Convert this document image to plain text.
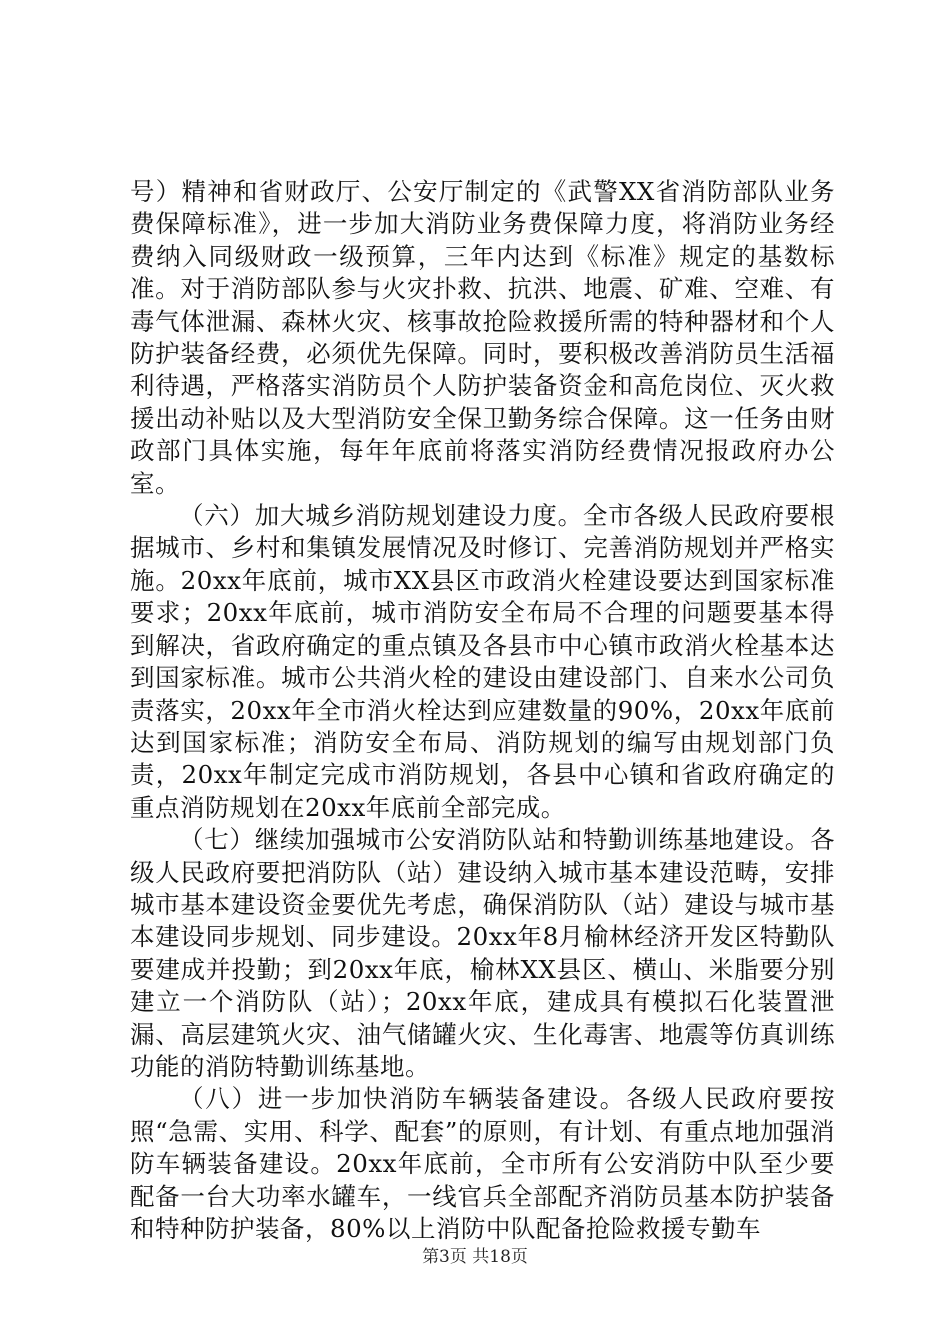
号）精神和省财政厅、公安厅制定的《武警XX省消防部队业务费保障标准》，进一步加大消防业务费保障力度，将消防业务经费纳入同级财政一级预算，三年内达到《标准》规定的基数标准。对于消防部队参与火灾扑救、抗洪、地震、矿难、空难、有毒气体泄漏、森林火灾、核事故抢险救援所需的特种器材和个人防护装备经费，必须优先保障。同时，要积极改善消防员生活福利待遇，严格落实消防员个人防护装备资金和高危岗位、灭火救援出动补贴以及大型消防安全保卫勤务综合保障。这一任务由财政部门具体实施，每年年底前将落实消防经费情况报政府办公室。

（六）加大城乡消防规划建设力度。全市各级人民政府要根据城市、乡村和集镇发展情况及时修订、完善消防规划并严格实施。20xx年底前，城市XX县区市政消火栓建设要达到国家标准要求；20xx年底前，城市消防安全布局不合理的问题要基本得到解决，省政府确定的重点镇及各县市中心镇市政消火栓基本达到国家标准。城市公共消火栓的建设由建设部门、自来水公司负责落实，20xx年全市消火栓达到应建数量的90%，20xx年底前达到国家标准；消防安全布局、消防规划的编写由规划部门负责，20xx年制定完成市消防规划，各县中心镇和省政府确定的重点消防规划在20xx年底前全部完成。

（七）继续加强城市公安消防队站和特勤训练基地建设。各级人民政府要把消防队（站）建设纳入城市基本建设范畴，安排城市基本建设资金要优先考虑，确保消防队（站）建设与城市基本建设同步规划、同步建设。20xx年8月榆林经济开发区特勤队要建成并投勤；到20xx年底，榆林XX县区、横山、米脂要分别建立一个消防队（站）；20xx年底，建成具有模拟石化装置泄漏、高层建筑火灾、油气储罐火灾、生化毒害、地震等仿真训练功能的消防特勤训练基地。

（八）进一步加快消防车辆装备建设。各级人民政府要按照“急需、实用、科学、配套”的原则，有计划、有重点地加强消防车辆装备建设。20xx年底前，全市所有公安消防中队至少要配备一台大功率水罐车，一线官兵全部配齐消防员基本防护装备和特种防护装备，80%以上消防中队配备抢险救援专勤车

第3页 共18页
